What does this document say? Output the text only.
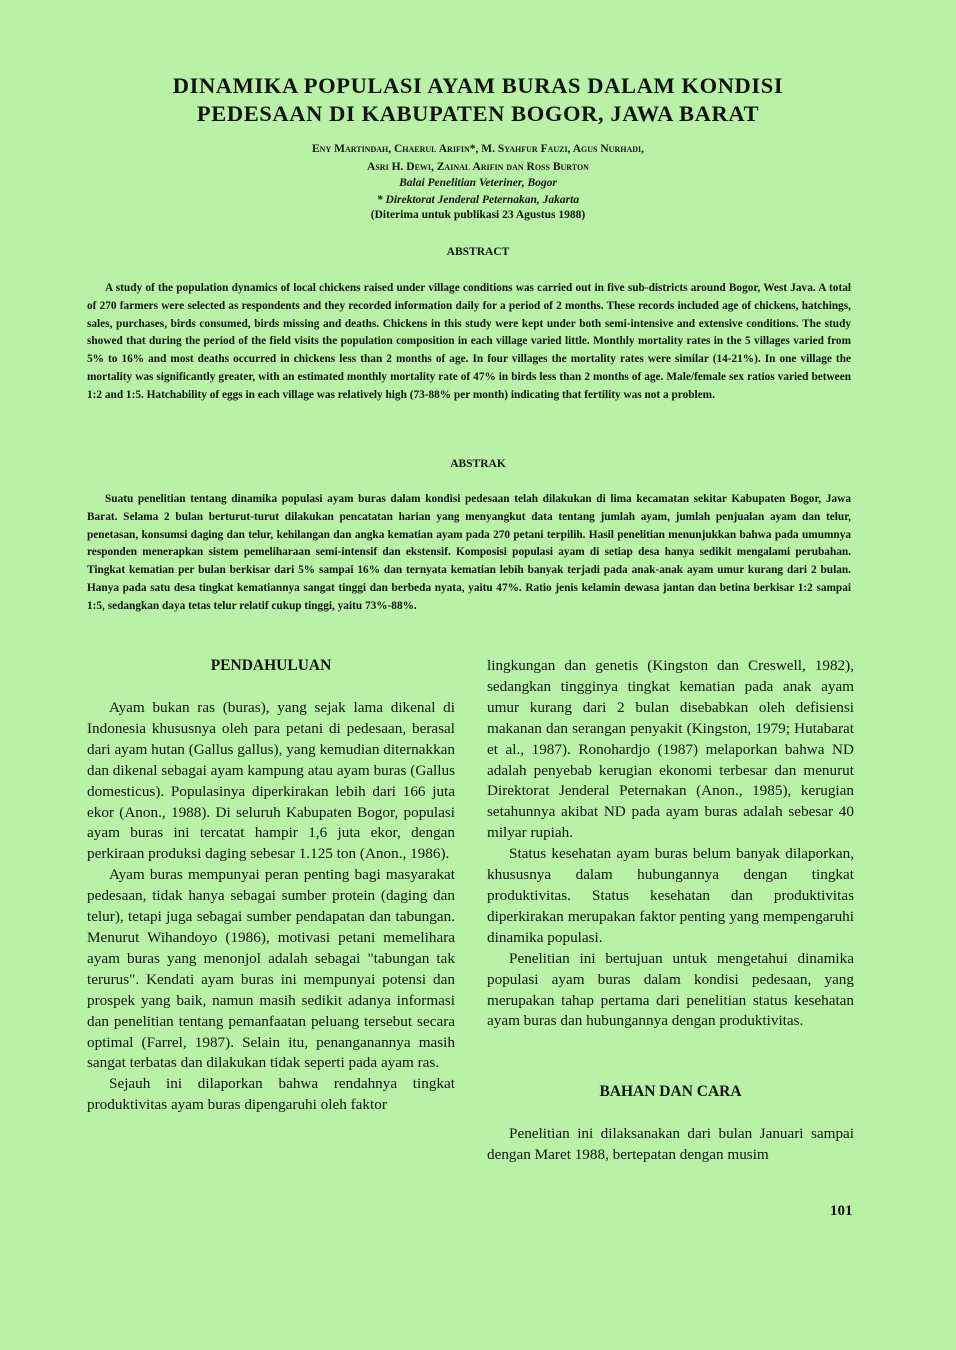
DINAMIKA POPULASI AYAM BURAS DALAM KONDISI
PEDESAAN DI KABUPATEN BOGOR, JAWA BARAT
Eny Martindah, Chaerul Arifin*, M. Syahfur Fauzi, Agus Nurhadi,
Asri H. Dewi, Zainal Arifin dan Ross Burton
Balai Penelitian Veteriner, Bogor
* Direktorat Jenderal Peternakan, Jakarta
(Diterima untuk publikasi 23 Agustus 1988)
ABSTRACT

A study of the population dynamics of local chickens raised under village conditions was carried out in five sub-districts around Bogor, West Java. A total of 270 farmers were selected as respondents and they recorded information daily for a period of 2 months. These records included age of chickens, hatchings, sales, purchases, birds consumed, birds missing and deaths. Chickens in this study were kept under both semi-intensive and extensive conditions. The study showed that during the period of the field visits the population composition in each village varied little. Monthly mortality rates in the 5 villages varied from 5% to 16% and most deaths occurred in chickens less than 2 months of age. In four villages the mortality rates were similar (14-21%). In one village the mortality was significantly greater, with an estimated monthly mortality rate of 47% in birds less than 2 months of age. Male/female sex ratios varied between 1:2 and 1:5. Hatchability of eggs in each village was relatively high (73-88% per month) indicating that fertility was not a problem.

ABSTRAK

Suatu penelitian tentang dinamika populasi ayam buras dalam kondisi pedesaan telah dilakukan di lima kecamatan sekitar Kabupaten Bogor, Jawa Barat. Selama 2 bulan berturut-turut dilakukan pencatatan harian yang menyangkut data tentang jumlah ayam, jumlah penjualan ayam dan telur, penetasan, konsumsi daging dan telur, kehilangan dan angka kematian ayam pada 270 petani terpilih. Hasil penelitian menunjukkan bahwa pada umumnya responden menerapkan sistem pemeliharaan semi-intensif dan ekstensif. Komposisi populasi ayam di setiap desa hanya sedikit mengalami perubahan. Tingkat kematian per bulan berkisar dari 5% sampai 16% dan ternyata kematian lebih banyak terjadi pada anak-anak ayam umur kurang dari 2 bulan. Hanya pada satu desa tingkat kematiannya sangat tinggi dan berbeda nyata, yaitu 47%. Ratio jenis kelamin dewasa jantan dan betina berkisar 1:2 sampai 1:5, sedangkan daya tetas telur relatif cukup tinggi, yaitu 73%-88%.

PENDAHULUAN

Ayam bukan ras (buras), yang sejak lama dikenal di Indonesia khususnya oleh para petani di pedesaan, berasal dari ayam hutan (Gallus gallus), yang kemudian diternakkan dan dikenal sebagai ayam kampung atau ayam buras (Gallus domesticus). Populasinya diperkirakan lebih dari 166 juta ekor (Anon., 1988). Di seluruh Kabupaten Bogor, populasi ayam buras ini tercatat hampir 1,6 juta ekor, dengan perkiraan produksi daging sebesar 1.125 ton (Anon., 1986).

Ayam buras mempunyai peran penting bagi masyarakat pedesaan, tidak hanya sebagai sumber protein (daging dan telur), tetapi juga sebagai sumber pendapatan dan tabungan. Menurut Wihandoyo (1986), motivasi petani memelihara ayam buras yang menonjol adalah sebagai "tabungan tak terurus". Kendati ayam buras ini mempunyai potensi dan prospek yang baik, namun masih sedikit adanya informasi dan penelitian tentang pemanfaatan peluang tersebut secara optimal (Farrel, 1987). Selain itu, penanganannya masih sangat terbatas dan dilakukan tidak seperti pada ayam ras.

Sejauh ini dilaporkan bahwa rendahnya tingkat produktivitas ayam buras dipengaruhi oleh faktor

lingkungan dan genetis (Kingston dan Creswell, 1982), sedangkan tingginya tingkat kematian pada anak ayam umur kurang dari 2 bulan disebabkan oleh defisiensi makanan dan serangan penyakit (Kingston, 1979; Hutabarat et al., 1987). Ronohardjo (1987) melaporkan bahwa ND adalah penyebab kerugian ekonomi terbesar dan menurut Direktorat Jenderal Peternakan (Anon., 1985), kerugian setahunnya akibat ND pada ayam buras adalah sebesar 40 milyar rupiah.

Status kesehatan ayam buras belum banyak dilaporkan, khususnya dalam hubungannya dengan tingkat produktivitas. Status kesehatan dan produktivitas diperkirakan merupakan faktor penting yang mempengaruhi dinamika populasi.

Penelitian ini bertujuan untuk mengetahui dinamika populasi ayam buras dalam kondisi pedesaan, yang merupakan tahap pertama dari penelitian status kesehatan ayam buras dan hubungannya dengan produktivitas.

BAHAN DAN CARA

Penelitian ini dilaksanakan dari bulan Januari sampai dengan Maret 1988, bertepatan dengan musim

101
